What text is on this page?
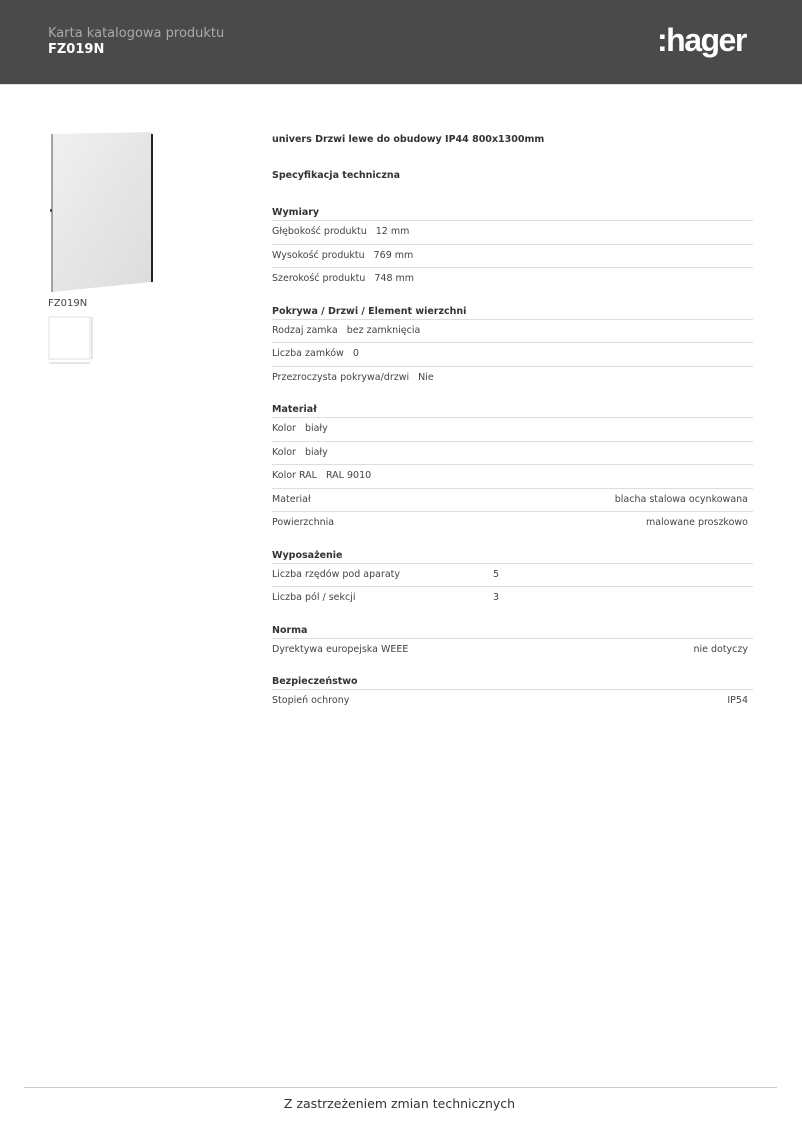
Karta katalogowa produktu
FZ019N	:hager
FZ019N
univers Drzwi lewe do obudowy IP44 800x1300mm
Specyfikacja techniczna
Wymiary
Głębokość produktu 12 mm
Wysokość produktu 769 mm
Szerokość produktu 748 mm
Pokrywa / Drzwi / Element wierzchni
Rodzaj zamka bez zamknięcia
Liczba zamków 0
Przezroczysta pokrywa/drzwi Nie
Materiał
Kolor biały
Kolor biały
Kolor RAL RAL 9010
Materiał	blacha stalowa ocynkowana
Powierzchnia	malowane proszkowo
Wyposażenie
Liczba rzędów pod aparaty	5
Liczba pól / sekcji	3
Norma
Dyrektywa europejska WEEE	nie dotyczy
Bezpieczeństwo
Stopień ochrony	IP54
Z zastrzeżeniem zmian technicznych
